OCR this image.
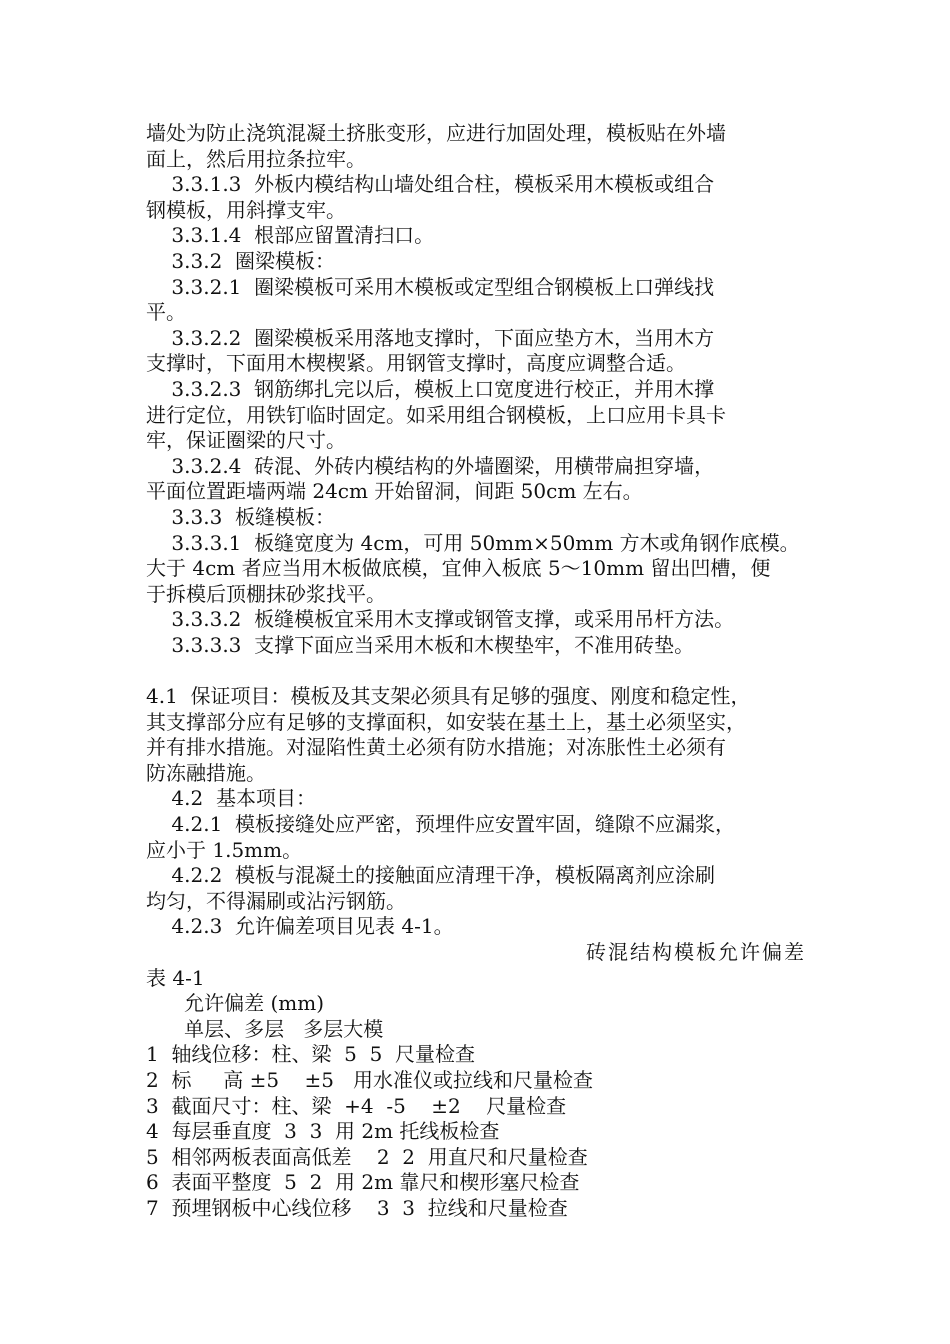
墙处为防止浇筑混凝土挤胀变形，应进行加固处理，模板贴在外墙
面上，然后用拉条拉牢。
3.3.1.3  外板内模结构山墙处组合柱，模板采用木模板或组合
钢模板，用斜撑支牢。
3.3.1.4  根部应留置清扫口。
3.3.2  圈梁模板：
3.3.2.1  圈梁模板可采用木模板或定型组合钢模板上口弹线找
平。
3.3.2.2  圈梁模板采用落地支撑时，下面应垫方木，当用木方
支撑时，下面用木楔楔紧。用钢管支撑时，高度应调整合适。
3.3.2.3  钢筋绑扎完以后，模板上口宽度进行校正，并用木撑
进行定位，用铁钉临时固定。如采用组合钢模板，上口应用卡具卡
牢，保证圈梁的尺寸。
3.3.2.4  砖混、外砖内模结构的外墙圈梁，用横带扁担穿墙，
平面位置距墙两端 24cm 开始留洞，间距 50cm 左右。
3.3.3  板缝模板：
3.3.3.1  板缝宽度为 4cm，可用 50mm×50mm 方木或角钢作底模。
大于 4cm 者应当用木板做底模，宜伸入板底 5～10mm 留出凹槽，便
于拆模后顶棚抹砂浆找平。
3.3.3.2  板缝模板宜采用木支撑或钢管支撑，或采用吊杆方法。
3.3.3.3  支撑下面应当采用木板和木楔垫牢，不准用砖垫。
4.1  保证项目：模板及其支架必须具有足够的强度、刚度和稳定性，
其支撑部分应有足够的支撑面积，如安装在基土上，基土必须坚实，
并有排水措施。对湿陷性黄土必须有防水措施；对冻胀性土必须有
防冻融措施。
4.2  基本项目：
4.2.1  模板接缝处应严密，预埋件应安置牢固，缝隙不应漏浆，
应小于 1.5mm。
4.2.2  模板与混凝土的接触面应清理干净，模板隔离剂应涂刷
均匀，不得漏刷或沾污钢筋。
4.2.3  允许偏差项目见表 4-1。
砖混结构模板允许偏差
表 4-1
允许偏差 (mm)
单层、多层   多层大模
1  轴线位移：柱、梁  5  5  尺量检查
2  标     高 ±5    ±5   用水准仪或拉线和尺量检查
3  截面尺寸：柱、梁  +4  -5    ±2    尺量检查
4  每层垂直度  3  3  用 2m 托线板检查
5  相邻两板表面高低差    2  2  用直尺和尺量检查
6  表面平整度  5  2  用 2m 靠尺和楔形塞尺检查
7  预埋钢板中心线位移    3  3  拉线和尺量检查
